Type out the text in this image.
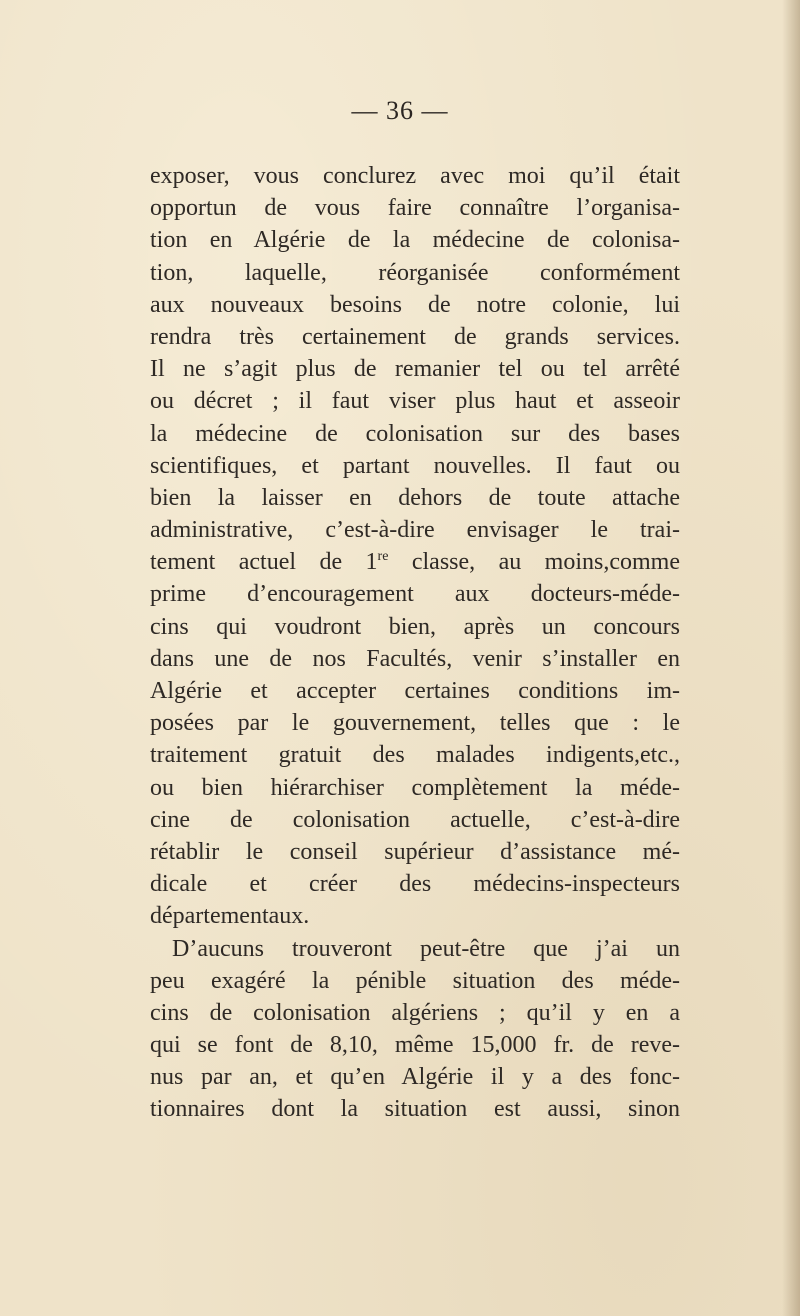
— 36 —
exposer, vous conclurez avec moi qu’il était
opportun de vous faire connaître l’organisa-
tion en Algérie de la médecine de colonisa-
tion, laquelle, réorganisée conformément
aux nouveaux besoins de notre colonie, lui
rendra très certainement de grands services.
Il ne s’agit plus de remanier tel ou tel arrêté
ou décret ; il faut viser plus haut et asseoir
la médecine de colonisation sur des bases
scientifiques, et partant nouvelles. Il faut ou
bien la laisser en dehors de toute attache
administrative, c’est-à-dire envisager le trai-
tement actuel de 1re classe, au moins,comme
prime d’encouragement aux docteurs-méde-
cins qui voudront bien, après un concours
dans une de nos Facultés, venir s’installer en
Algérie et accepter certaines conditions im-
posées par le gouvernement, telles que : le
traitement gratuit des malades indigents,etc.,
ou bien hiérarchiser complètement la méde-
cine de colonisation actuelle, c’est-à-dire
rétablir le conseil supérieur d’assistance mé-
dicale et créer des médecins-inspecteurs
départementaux.
D’aucuns trouveront peut-être que j’ai un
peu exagéré la pénible situation des méde-
cins de colonisation algériens ; qu’il y en a
qui se font de 8,10, même 15,000 fr. de reve-
nus par an, et qu’en Algérie il y a des fonc-
tionnaires dont la situation est aussi, sinon
